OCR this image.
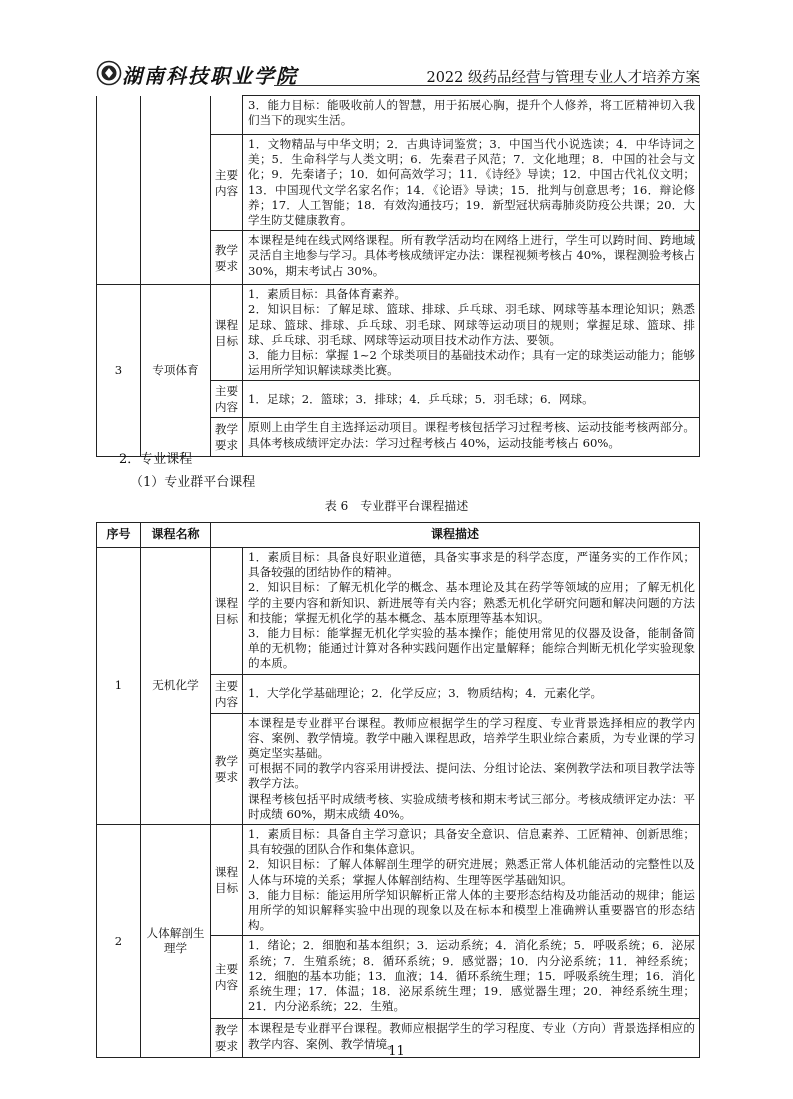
湖南科技职业学院	2022 级药品经营与管理专业人才培养方案
			3．能力目标：能吸收前人的智慧，用于拓展心胸，提升个人修养，将工匠精神切入我们当下的现实生活。
		主要内容	1．文物精品与中华文明；2．古典诗词鉴赏；3．中国当代小说选读；4．中华诗词之美；5．生命科学与人类文明；6．先秦君子风范；7．文化地理；8．中国的社会与文化；9．先秦诸子；10．如何高效学习；11．《诗经》导读；12．中国古代礼仪文明；13．中国现代文学名家名作；14．《论语》导读；15．批判与创意思考；16．辩论修养；17．人工智能；18．有效沟通技巧；19．新型冠状病毒肺炎防疫公共课；20．大学生防艾健康教育。
		教学要求	本课程是纯在线式网络课程。所有教学活动均在网络上进行，学生可以跨时间、跨地域灵活自主地参与学习。具体考核成绩评定办法：课程视频考核占 40%，课程测验考核占 30%，期末考试占 30%。
3	专项体育	课程目标	1．素质目标：具备体育素养。
2．知识目标：了解足球、篮球、排球、乒乓球、羽毛球、网球等基本理论知识；熟悉足球、篮球、排球、乒乓球、羽毛球、网球等运动项目的规则；掌握足球、篮球、排球、乒乓球、羽毛球、网球等运动项目技术动作方法、要领。
3．能力目标：掌握 1~2 个球类项目的基础技术动作；具有一定的球类运动能力；能够运用所学知识解读球类比赛。

		主要内容	1．足球；2．篮球；3．排球；4．乒乓球；5．羽毛球；6．网球。
		教学要求	原则上由学生自主选择运动项目。课程考核包括学习过程考核、运动技能考核两部分。具体考核成绩评定办法：学习过程考核占 40%，运动技能考核占 60%。
2．专业课程
（1）专业群平台课程
表 6　专业群平台课程描述
序号	课程名称	课程描述	
1	无机化学	课程目标	1．素质目标：具备良好职业道德，具备实事求是的科学态度，严谨务实的工作作风；具备较强的团结协作的精神。
2．知识目标：了解无机化学的概念、基本理论及其在药学等领域的应用；了解无机化学的主要内容和新知识、新进展等有关内容；熟悉无机化学研究问题和解决问题的方法和技能；掌握无机化学的基本概念、基本原理等基本知识。
3．能力目标：能掌握无机化学实验的基本操作；能使用常见的仪器及设备，能制备简单的无机物；能通过计算对各种实践问题作出定量解释；能综合判断无机化学实验现象的本质。

		主要内容	1．大学化学基础理论；2．化学反应；3．物质结构；4．元素化学。
		教学要求	本课程是专业群平台课程。教师应根据学生的学习程度、专业背景选择相应的教学内容、案例、教学情境。教学中融入课程思政，培养学生职业综合素质，为专业课的学习奠定坚实基础。
可根据不同的教学内容采用讲授法、提问法、分组讨论法、案例教学法和项目教学法等教学方法。
课程考核包括平时成绩考核、实验成绩考核和期末考试三部分。考核成绩评定办法：平时成绩 60%，期末成绩 40%。

2	人体解剖生理学	课程目标	1．素质目标：具备自主学习意识；具备安全意识、信息素养、工匠精神、创新思维；具有较强的团队合作和集体意识。
2．知识目标：了解人体解剖生理学的研究进展；熟悉正常人体机能活动的完整性以及人体与环境的关系；掌握人体解剖结构、生理等医学基础知识。
3．能力目标：能运用所学知识解析正常人体的主要形态结构及功能活动的规律；能运用所学的知识解释实验中出现的现象以及在标本和模型上准确辨认重要器官的形态结构。

		主要内容	1．绪论；2．细胞和基本组织；3．运动系统；4．消化系统；5．呼吸系统；6．泌尿系统；7．生殖系统；8．循环系统；9．感觉器；10．内分泌系统；11．神经系统；12．细胞的基本功能；13．血液；14．循环系统生理；15．呼吸系统生理；16．消化系统生理；17．体温；18．泌尿系统生理；19．感觉器生理；20．神经系统生理；21．内分泌系统；22．生殖。
		教学要求	本课程是专业群平台课程。教师应根据学生的学习程度、专业（方向）背景选择相应的教学内容、案例、教学情境。
11
